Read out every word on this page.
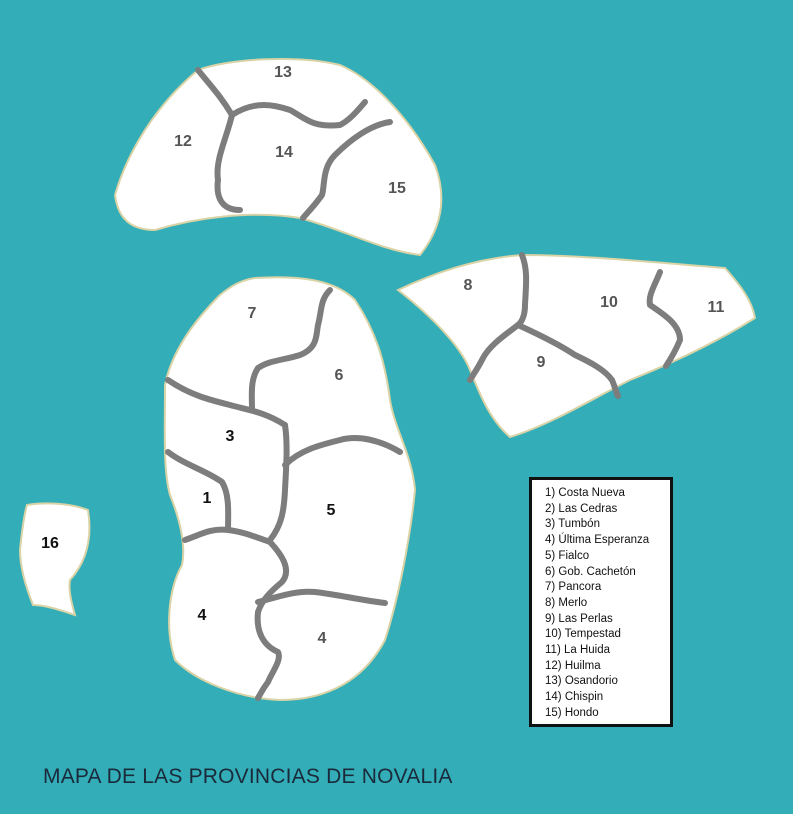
13
12
14
15
8
10	11
9
7
6
3
1
5
4
4
16
1) Costa Nueva
2) Las Cedras
3) Tumbón
4) Última Esperanza
5) Fialco
6) Gob. Cachetón
7) Pancora
8) Merlo
9) Las Perlas
10) Tempestad
11) La Huida
12) Huilma
13) Osandorio
14) Chispin
15) Hondo
MAPA DE LAS PROVINCIAS DE NOVALIA
